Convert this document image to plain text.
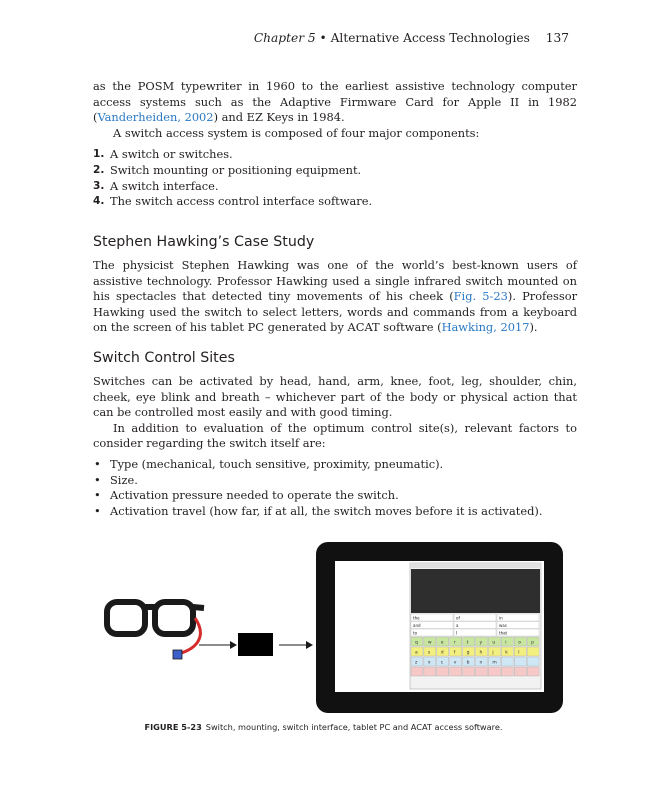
Chapter 5 • Alternative Access Technologies 137

as the POSM typewriter in 1960 to the earliest assistive technology computer access systems such as the Adaptive Firmware Card for Apple II in 1982 (Vanderheiden, 2002) and EZ Keys in 1984.

A switch access system is composed of four major components:

1. A switch or switches.
2. Switch mounting or positioning equipment.
3. A switch interface.
4. The switch access control interface software.
Stephen Hawking’s Case Study

The physicist Stephen Hawking was one of the world’s best-known users of assistive technology. Professor Hawking used a single infrared switch mounted on his spectacles that detected tiny movements of his cheek (Fig. 5-23). Professor Hawking used the switch to select letters, words and commands from a keyboard on the screen of his tablet PC generated by ACAT software (Hawking, 2017).

Switch Control Sites

Switches can be activated by head, hand, arm, knee, foot, leg, shoulder, chin, cheek, eye blink and breath – whichever part of the body or physical action that can be controlled most easily and with good timing.

In addition to evaluation of the optimum control site(s), relevant factors to consider regarding the switch itself are:

• Type (mechanical, touch sensitive, proximity, pneumatic).
• Size.
• Activation pressure needed to operate the switch.
• Activation travel (how far, if at all, the switch moves before it is activated).
the	of	in
and	a	was
to	I	that
q w e r t y u i	o p
a s d f	g h j	k l
z x c v b n m
FIGURE 5-23 Switch, mounting, switch interface, tablet PC and ACAT access software.
